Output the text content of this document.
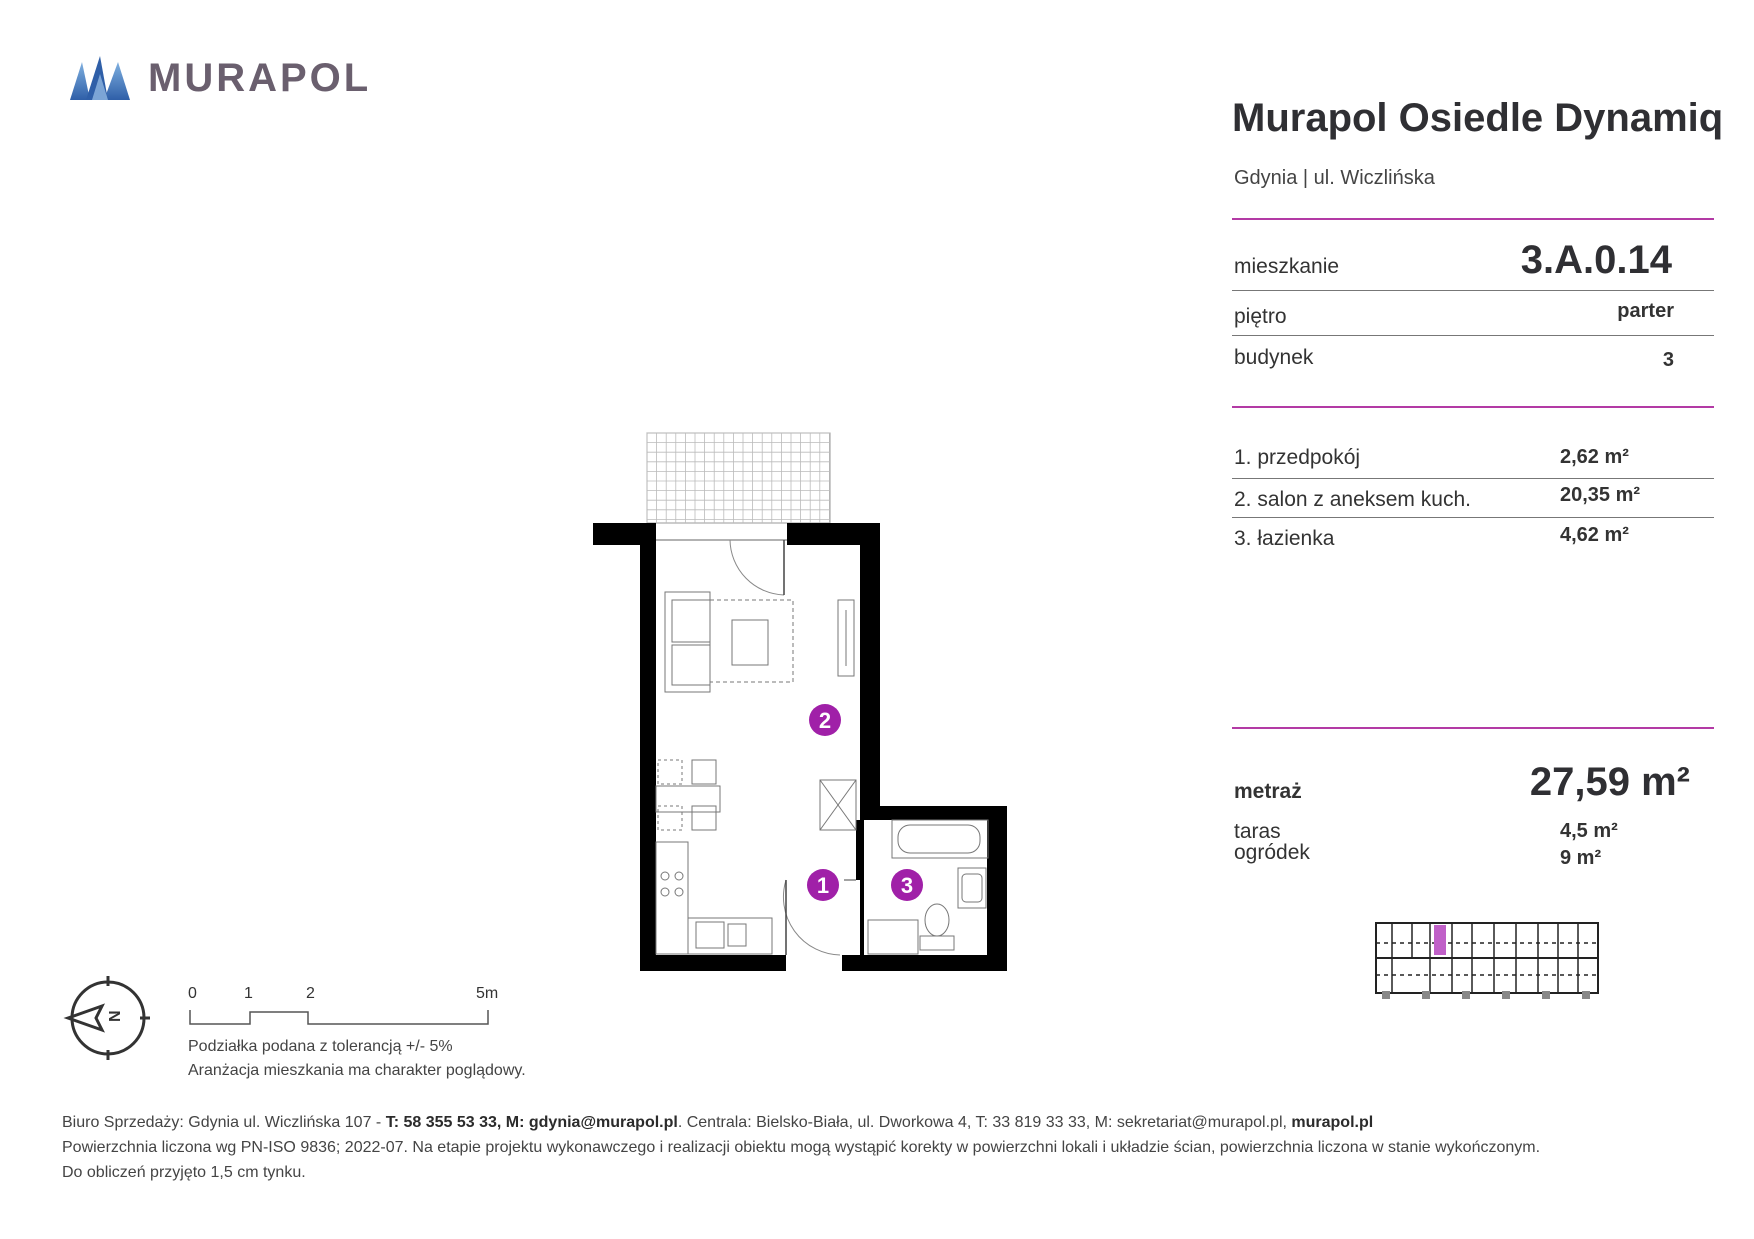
MURAPOL
Murapol Osiedle Dynamiq
Gdynia | ul. Wiczlińska
mieszkanie	3.A.0.14
piętro	parter
budynek	3
1. przedpokój	2,62 m²
2. salon z aneksem kuch.	20,35 m²
3. łazienka	4,62 m²
metraż	27,59 m²
taras	4,5 m²
ogródek	9 m²
1
2
3
N
0	1	2	5m
Podziałka podana z tolerancją +/- 5%
Aranżacja mieszkania ma charakter poglądowy.
Biuro Sprzedaży: Gdynia ul. Wiczlińska 107 - T: 58 355 53 33, M: gdynia@murapol.pl. Centrala: Bielsko-Biała, ul. Dworkowa 4, T: 33 819 33 33, M: sekretariat@murapol.pl, murapol.pl
Powierzchnia liczona wg PN-ISO 9836; 2022-07. Na etapie projektu wykonawczego i realizacji obiektu mogą wystąpić korekty w powierzchni lokali i układzie ścian, powierzchnia liczona w stanie wykończonym.
Do obliczeń przyjęto 1,5 cm tynku.
